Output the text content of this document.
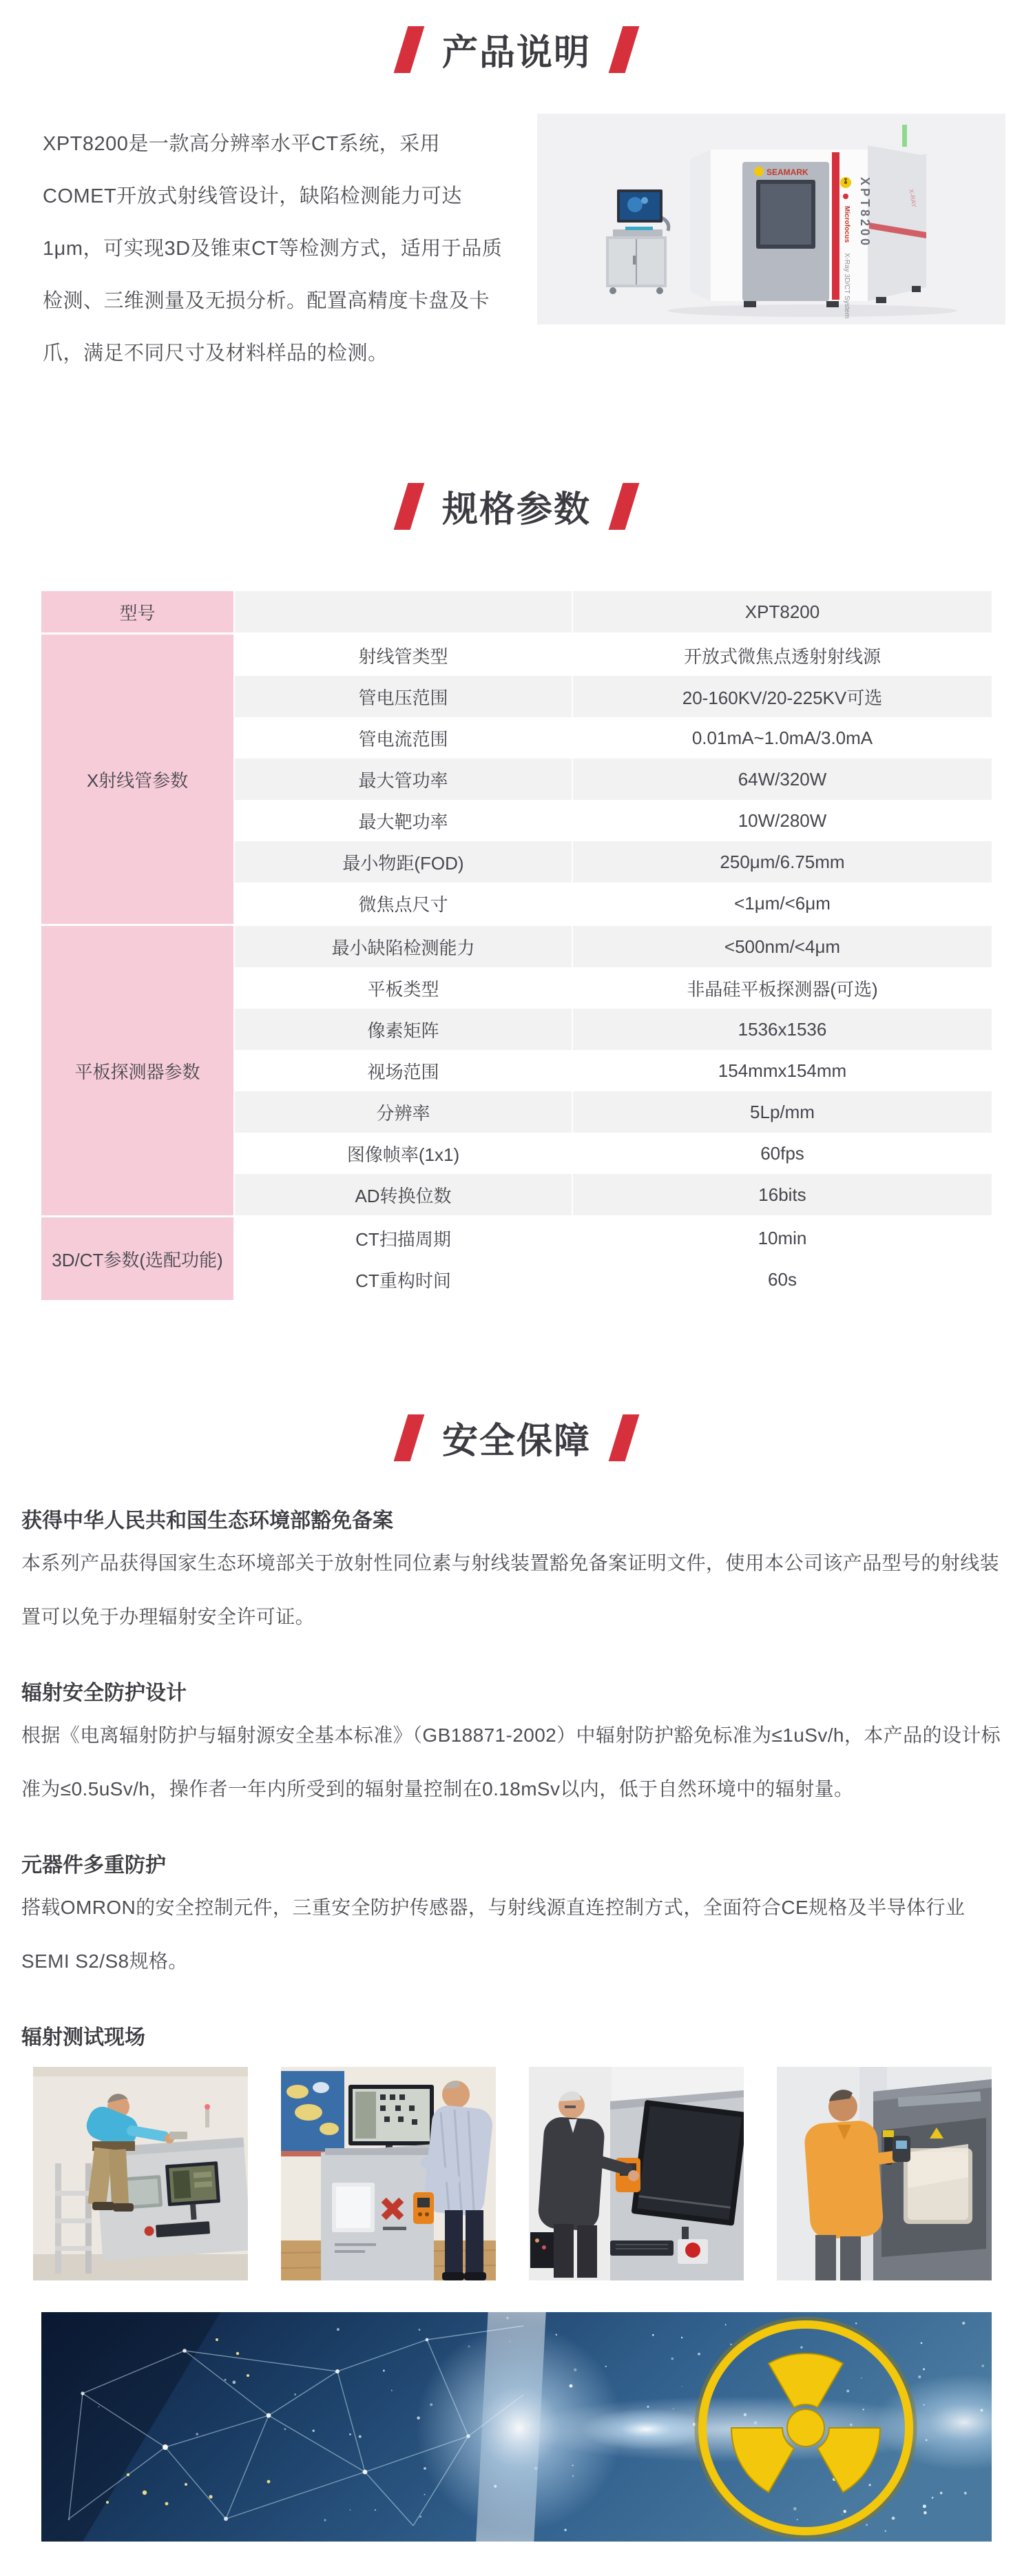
产品说明
XPT8200是一款高分辨率水平CT系统，采用COMET开放式射线管设计，缺陷检测能力可达1μm，可实现3D及锥束CT等检测方式，适用于品质检测、三维测量及无损分析。配置高精度卡盘及卡爪，满足不同尺寸及材料样品的检测。
SEAMARK
Microfocus
X-Ray 3D/CT System
XPT8200	X-RAY
规格参数
型号	XPT8200
X射线管参数
射线管类型	开放式微焦点透射射线源
管电压范围	20-160KV/20-225KV可选
管电流范围	0.01mA~1.0mA/3.0mA
最大管功率	64W/320W
最大靶功率	10W/280W
最小物距(FOD)	250μm/6.75mm
微焦点尺寸	<1μm/<6μm
平板探测器参数
最小缺陷检测能力	<500nm/<4μm
平板类型	非晶硅平板探测器(可选)
像素矩阵	1536x1536
视场范围	154mmx154mm
分辨率	5Lp/mm
图像帧率(1x1)	60fps
AD转换位数	16bits
3D/CT参数(选配功能)
CT扫描周期	10min
CT重构时间	60s
安全保障
获得中华人民共和国生态环境部豁免备案

本系列产品获得国家生态环境部关于放射性同位素与射线装置豁免备案证明文件，使用本公司该产品型号的射线装置可以免于办理辐射安全许可证。

辐射安全防护设计

根据《电离辐射防护与辐射源安全基本标准》（GB18871-2002）中辐射防护豁免标准为≤1uSv/h，本产品的设计标准为≤0.5uSv/h，操作者一年内所受到的辐射量控制在0.18mSv以内，低于自然环境中的辐射量。

元器件多重防护

搭载OMRON的安全控制元件，三重安全防护传感器，与射线源直连控制方式，全面符合CE规格及半导体行业SEMI S2/S8规格。

辐射测试现场
